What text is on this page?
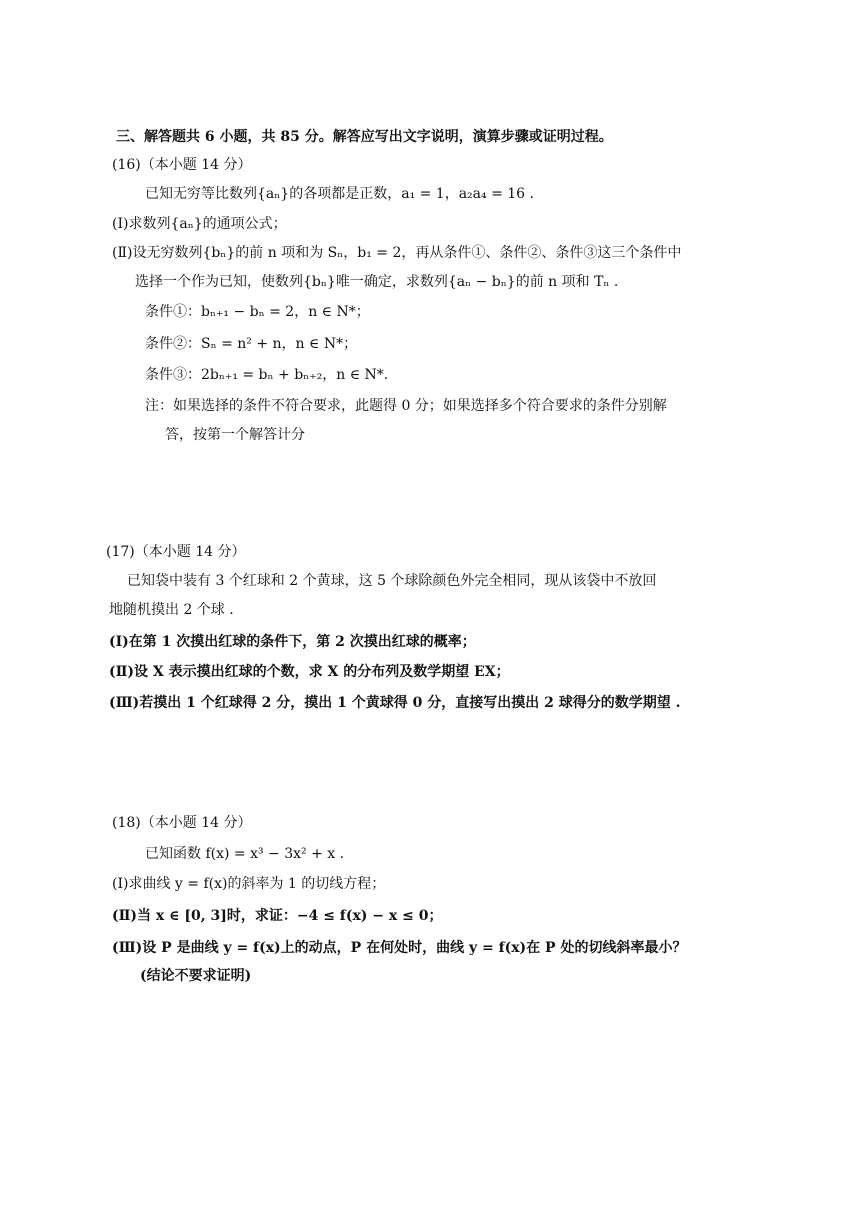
三、解答题共 6 小题，共 85 分。解答应写出文字说明，演算步骤或证明过程。
(16)（本小题 14 分）
已知无穷等比数列{aₙ}的各项都是正数，a₁ = 1，a₂a₄ = 16 .
(Ⅰ)求数列{aₙ}的通项公式；
(Ⅱ)设无穷数列{bₙ}的前 n 项和为 Sₙ，b₁ = 2，再从条件①、条件②、条件③这三个条件中
选择一个作为已知，使数列{bₙ}唯一确定，求数列{aₙ − bₙ}的前 n 项和 Tₙ .
条件①：bₙ₊₁ − bₙ = 2，n ∈ N*；
条件②：Sₙ = n² + n，n ∈ N*；
条件③：2bₙ₊₁ = bₙ + bₙ₊₂，n ∈ N*.
注：如果选择的条件不符合要求，此题得 0 分；如果选择多个符合要求的条件分别解
答，按第一个解答计分
(17)（本小题 14 分）
已知袋中装有 3 个红球和 2 个黄球，这 5 个球除颜色外完全相同，现从该袋中不放回
地随机摸出 2 个球 .
(Ⅰ)在第 1 次摸出红球的条件下，第 2 次摸出红球的概率；
(Ⅱ)设 X 表示摸出红球的个数，求 X 的分布列及数学期望 EX；
(Ⅲ)若摸出 1 个红球得 2 分，摸出 1 个黄球得 0 分，直接写出摸出 2 球得分的数学期望 .
(18)（本小题 14 分）
已知函数 f(x) = x³ − 3x² + x .
(Ⅰ)求曲线 y = f(x)的斜率为 1 的切线方程；
(Ⅱ)当 x ∈ [0, 3]时，求证：−4 ≤ f(x) − x ≤ 0；
(Ⅲ)设 P 是曲线 y = f(x)上的动点，P 在何处时，曲线 y = f(x)在 P 处的切线斜率最小？
(结论不要求证明)
